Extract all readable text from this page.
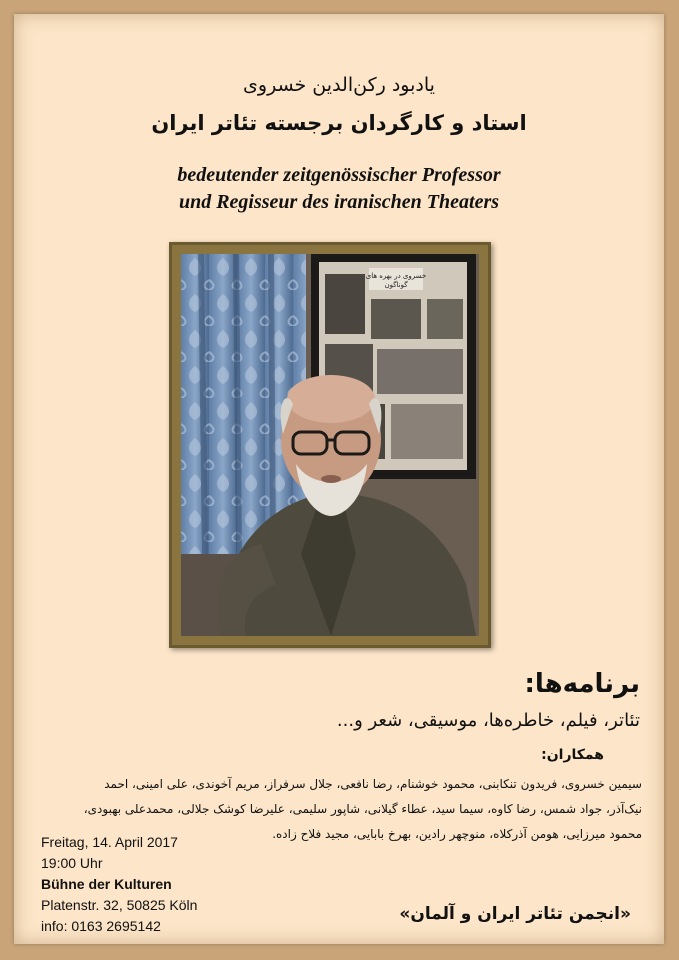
یادبود رکن‌الدین خسروی
استاد و کارگردان برجسته تئاتر ایران
bedeutender zeitgenössischer Professor
und Regisseur des iranischen Theaters
خسروی در بهره های
گوناگون
برنامه‌ها:
تئاتر، فیلم، خاطره‌ها، موسیقی، شعر و...
همکاران:
سیمین خسروی، فریدون تنکابنی، محمود خوشنام، رضا نافعی، جلال سرفراز، مریم آخوندی، علی امینی، احمد
نیک‌آذر، جواد شمس، رضا کاوه، سیما سید، عطاء گیلانی، شاپور سلیمی، علیرضا کوشک جلالی، محمدعلی بهبودی،
محمود میرزایی، هومن آذرکلاه، منوچهر رادین، بهرخ بابایی، مجید فلاح زاده.
Freitag, 14. April 2017
19:00 Uhr
Bühne der Kulturen
Platenstr. 32, 50825 Köln
info: 0163 2695142
«انجمن تئاتر ایران و آلمان»
